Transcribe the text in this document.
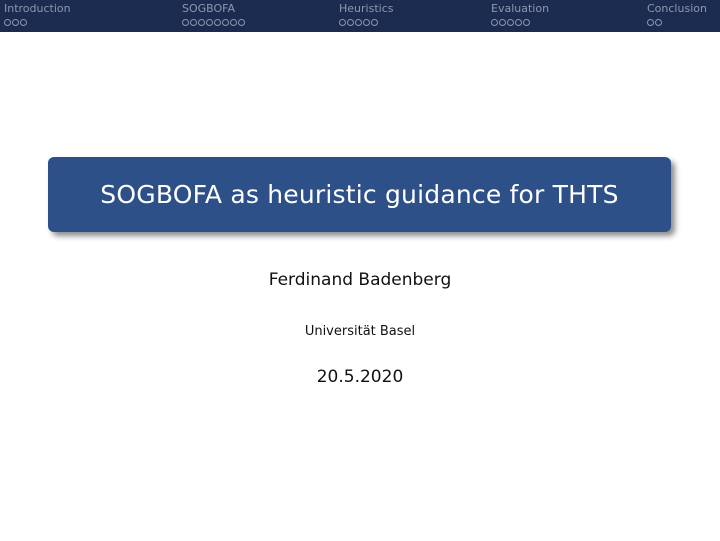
Introduction	SOGBOFA	Heuristics	Evaluation	Conclusion
SOGBOFA as heuristic guidance for THTS
Ferdinand Badenberg
Universität Basel
20.5.2020
